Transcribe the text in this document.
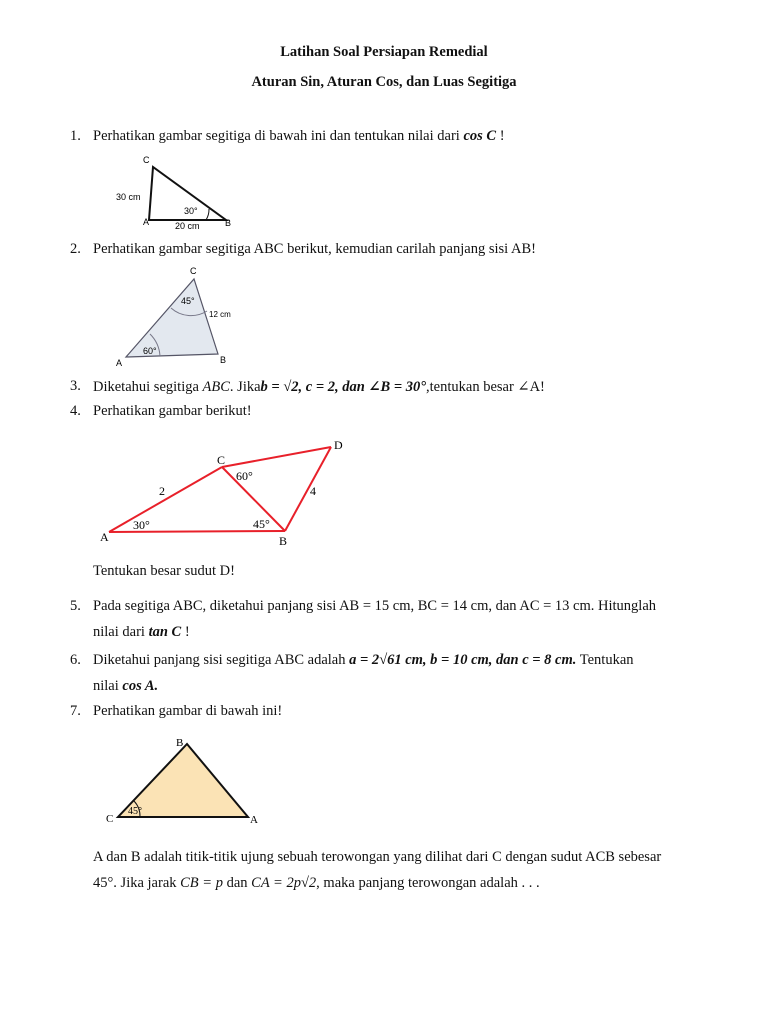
Latihan Soal Persiapan Remedial
Aturan Sin, Aturan Cos, dan Luas Segitiga
1. Perhatikan gambar segitiga di bawah ini dan tentukan nilai dari cos C !
C
A	B
30 cm
20 cm
30°
2. Perhatikan gambar segitiga ABC berikut, kemudian carilah panjang sisi AB!
C
A	B
45°
60°
12 cm
3. Diketahui segitiga ABC. Jikab = √2, c = 2, dan ∠B = 30°,tentukan besar ∠A!
4. Perhatikan gambar berikut!
A	B
C
D
2	4
30°	45°
60°
Tentukan besar sudut D!
5. Pada segitiga ABC, diketahui panjang sisi AB = 15 cm, BC = 14 cm, dan AC = 13 cm. Hitunglah
nilai dari tan C !
6. Diketahui panjang sisi segitiga ABC adalah a = 2√61 cm, b = 10 cm, dan c = 8 cm. Tentukan
nilai cos A.
7. Perhatikan gambar di bawah ini!
C	A
B
45°
A dan B adalah titik-titik ujung sebuah terowongan yang dilihat dari C dengan sudut ACB sebesar
45°. Jika jarak CB = p dan CA = 2p√2, maka panjang terowongan adalah . . .
